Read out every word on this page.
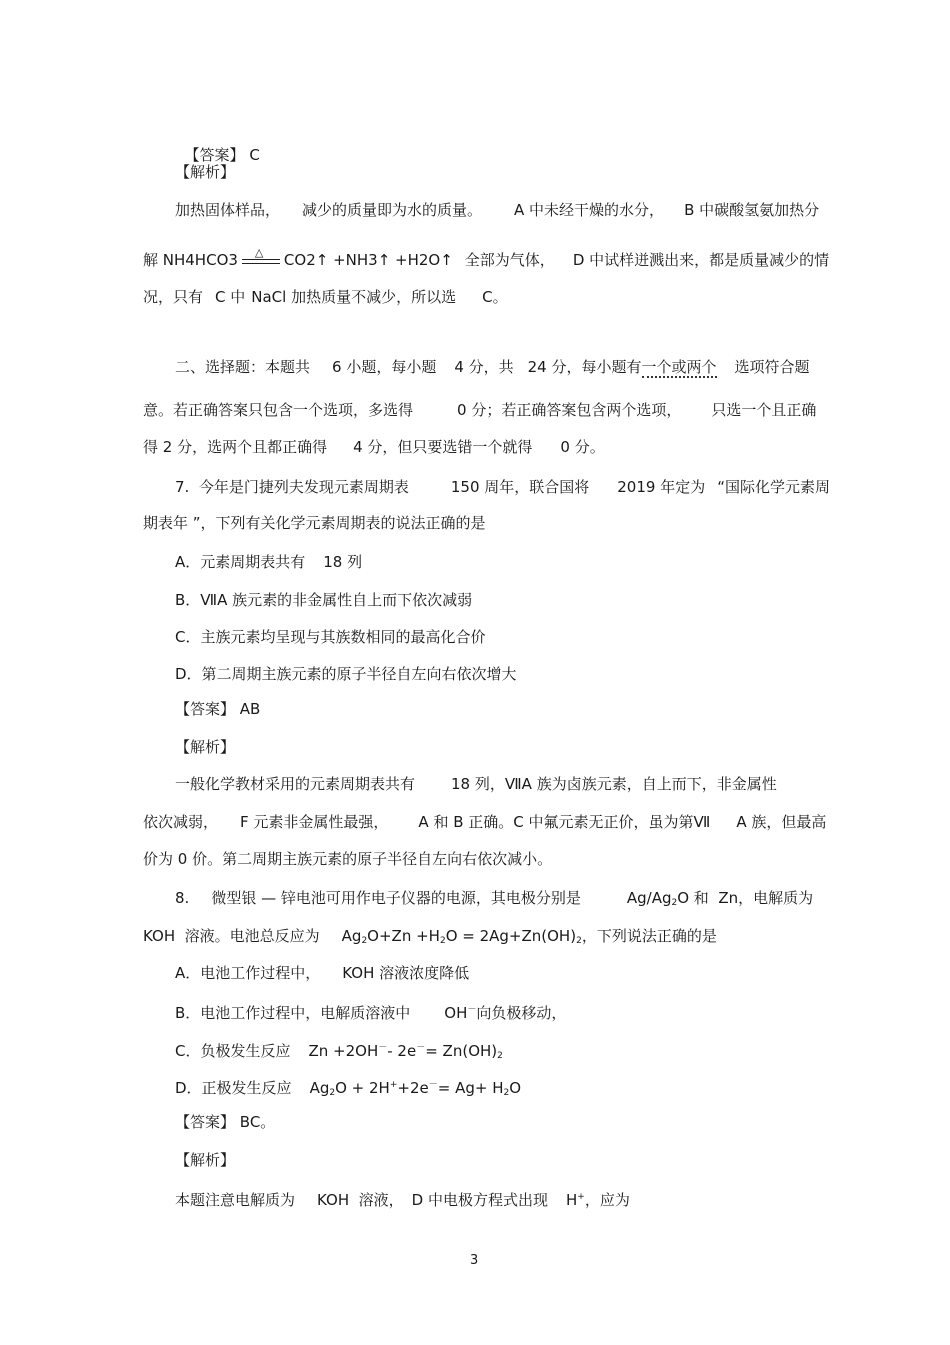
【答案】 C

【解析】
加热固体样品， 减少的质量即为水的质量。 A 中未经干燥的水分， B 中碳酸氢氨加热分
解 NH4HCO3 △ CO2↑ +NH3↑ +H2O↑ 全部为气体， D 中试样迸溅出来，都是质量减少的情
况，只有 C 中 NaCl 加热质量不减少，所以选 C。
二、选择题：本题共 6 小题，每小题 4 分，共 24 分，每小题有一个或两个 选项符合题
意。若正确答案只包含一个选项，多选得	0 分；若正确答案包含两个选项， 只选一个且正确
得 2 分，选两个且都正确得 4 分，但只要选错一个就得 0 分。
7.  今年是门捷列夫发现元素周期表	150 周年，联合国将 2019 年定为 “国际化学元素周
期表年 ”，下列有关化学元素周期表的说法正确的是
A．元素周期表共有 18 列
B．ⅦA 族元素的非金属性自上而下依次减弱
C．主族元素均呈现与其族数相同的最高化合价
D．第二周期主族元素的原子半径自左向右依次增大
【答案】 AB
【解析】
一般化学教材采用的元素周期表共有 18 列，ⅦA 族为卤族元素，自上而下，非金属性
依次减弱， F 元素非金属性最强， A 和 B 正确。C 中氟元素无正价，虽为第Ⅶ A 族，但最高
价为 0 价。第二周期主族元素的原子半径自左向右依次减小。
8. 微型银 — 锌电池可用作电子仪器的电源，其电极分别是	$Ag/Ag_2O$ 和  Zn，电解质为
KOH  溶液。电池总反应为 $Ag_2O+Zn +H_2O = 2Ag+Zn(OH)_2$，下列说法正确的是
A．电池工作过程中， KOH 溶液浓度降低
B．电池工作过程中，电解质溶液中 OH－向负极移动，
C．负极发生反应 Zn +2OH－- $2e^-= Zn(OH)_2$
D．正极发生反应 $Ag_2O + 2H^++2e^-= Ag+ H_2O$
【答案】 BC。
【解析】
本题注意电解质为 KOH  溶液， D 中电极方程式出现 H+，应为
3
